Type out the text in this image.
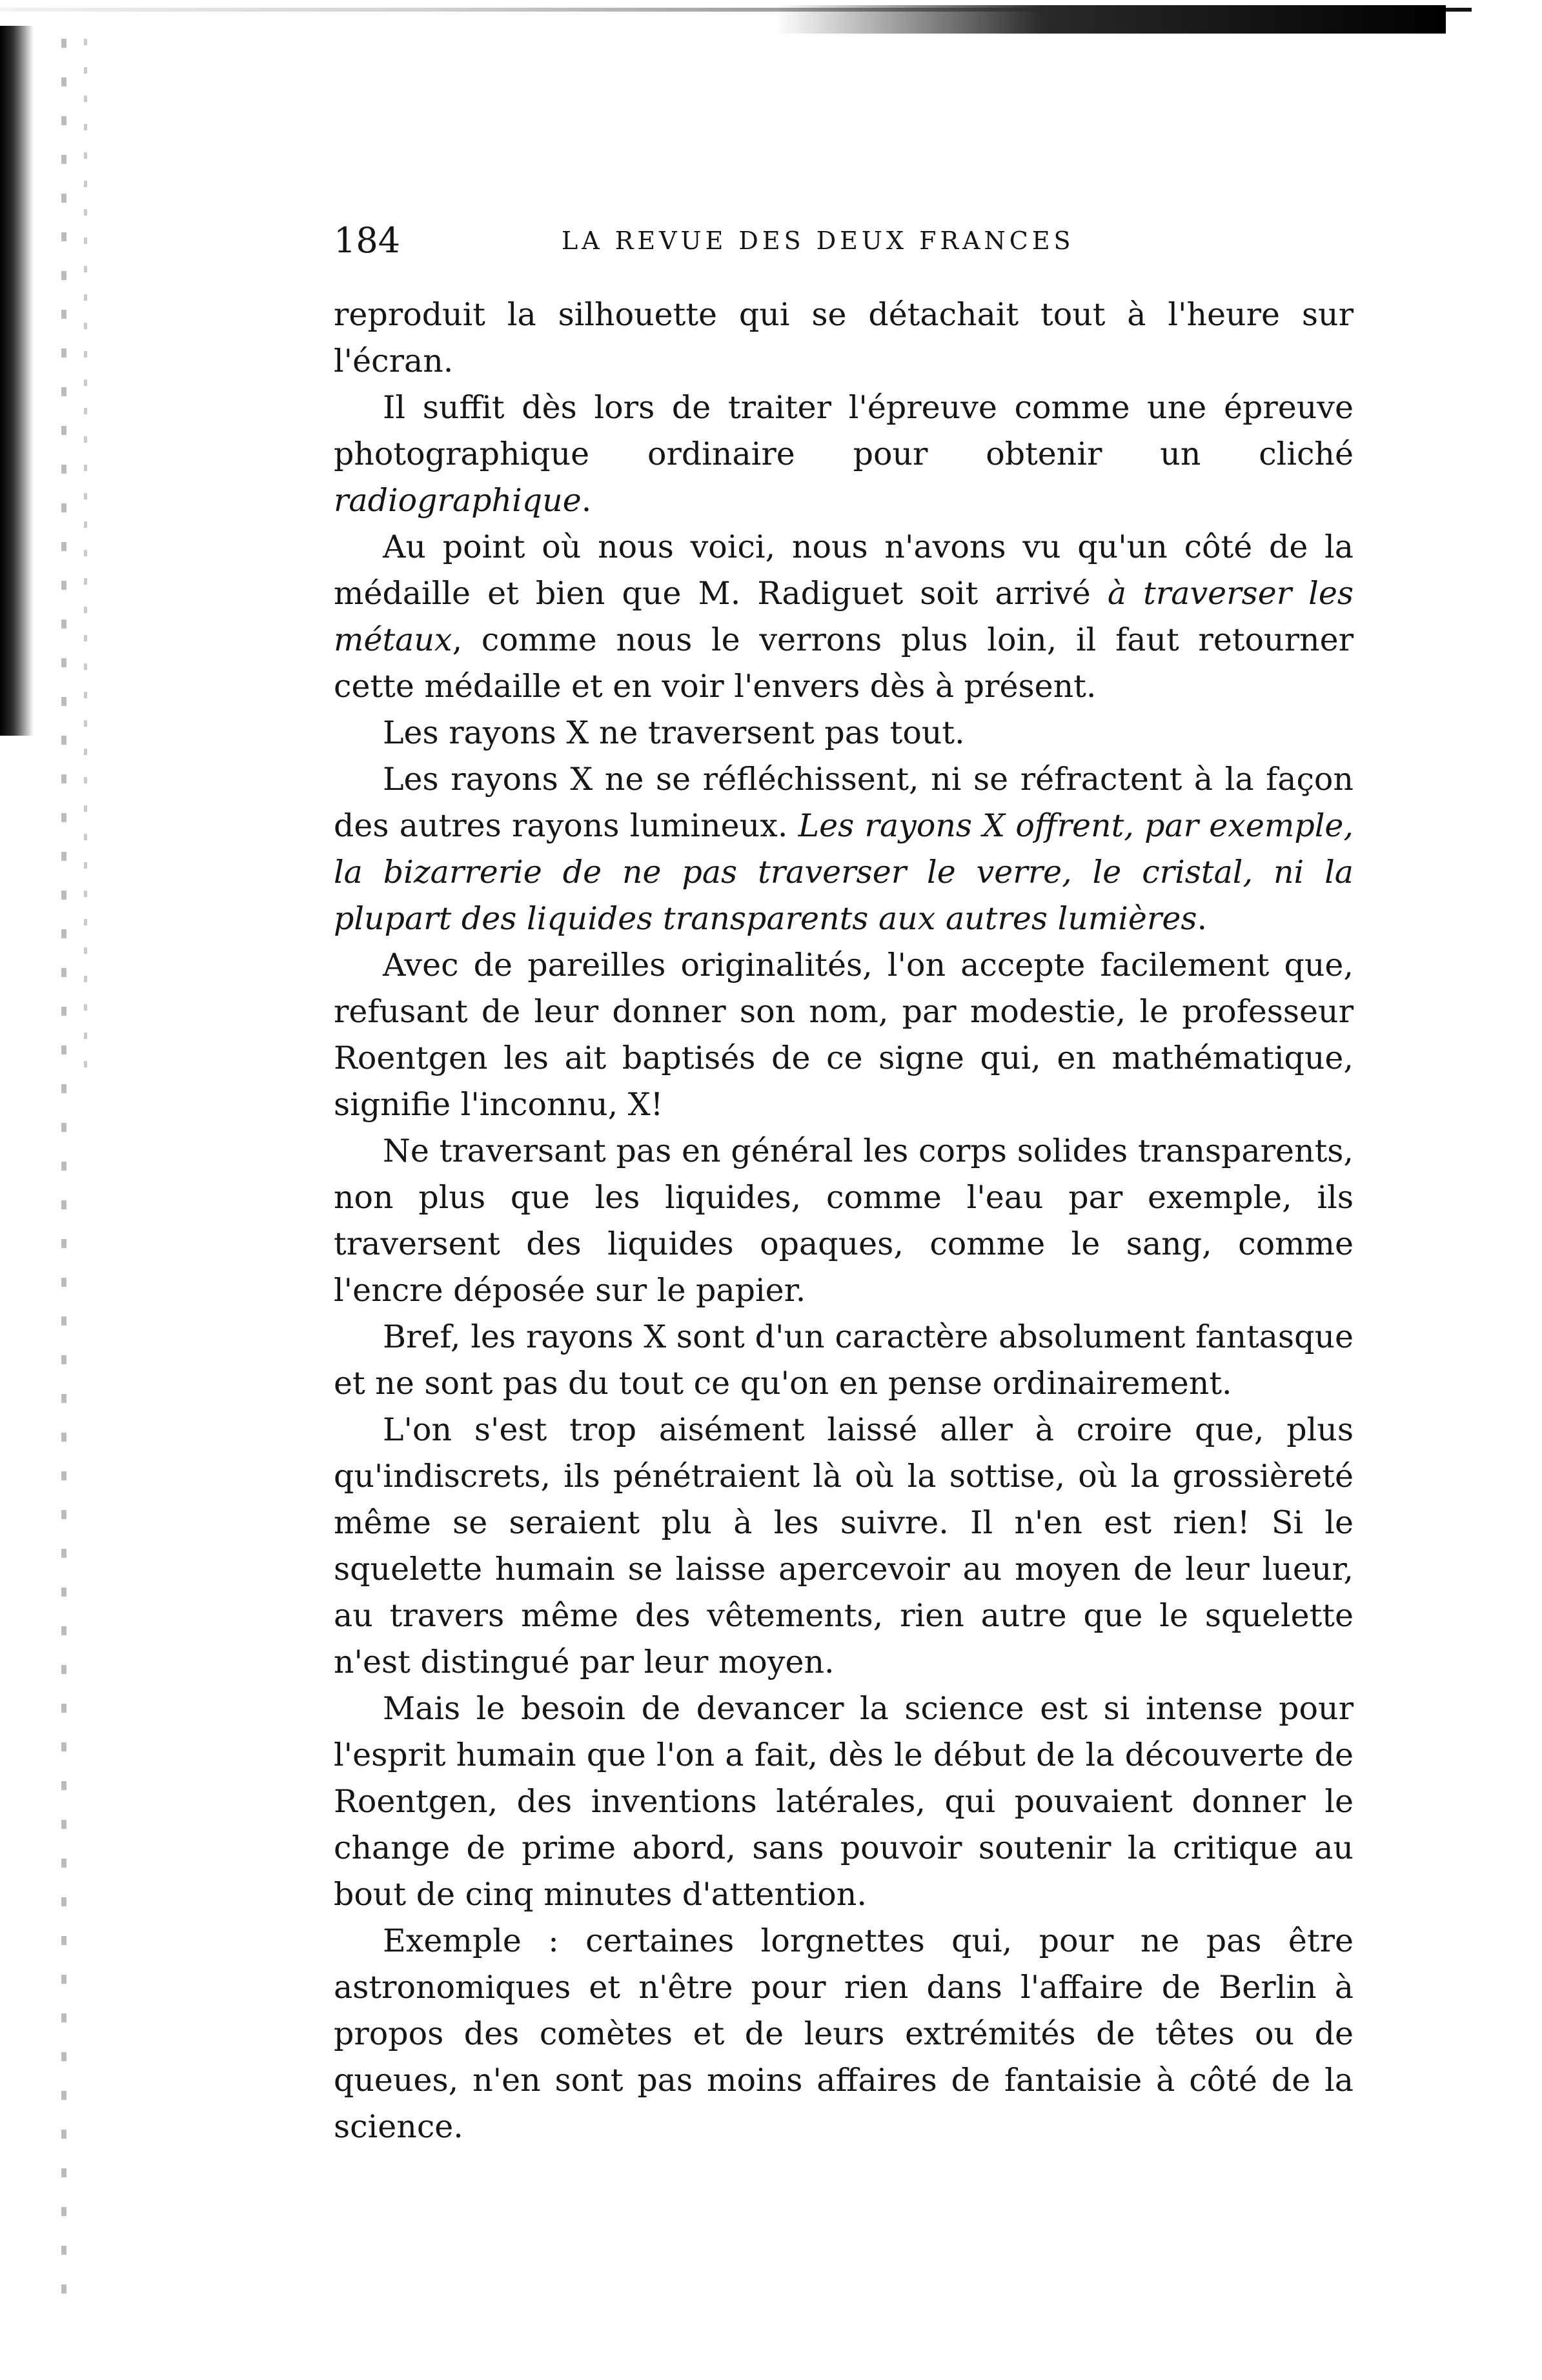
184	LA REVUE DES DEUX FRANCES

reproduit la silhouette qui se détachait tout à l'heure sur l'écran.

Il suffit dès lors de traiter l'épreuve comme une épreuve photographique ordinaire pour obtenir un cliché radiographique.

Au point où nous voici, nous n'avons vu qu'un côté de la médaille et bien que M. Radiguet soit arrivé à traverser les métaux, comme nous le verrons plus loin, il faut retourner cette médaille et en voir l'envers dès à présent.

Les rayons X ne traversent pas tout.

Les rayons X ne se réfléchissent, ni se réfractent à la façon des autres rayons lumineux. Les rayons X offrent, par exemple, la bizarrerie de ne pas traverser le verre, le cristal, ni la plupart des liquides transparents aux autres lumières.

Avec de pareilles originalités, l'on accepte facilement que, refusant de leur donner son nom, par modestie, le professeur Roentgen les ait baptisés de ce signe qui, en mathématique, signifie l'inconnu, X!

Ne traversant pas en général les corps solides transparents, non plus que les liquides, comme l'eau par exemple, ils traversent des liquides opaques, comme le sang, comme l'encre déposée sur le papier.

Bref, les rayons X sont d'un caractère absolument fantasque et ne sont pas du tout ce qu'on en pense ordinairement.

L'on s'est trop aisément laissé aller à croire que, plus qu'indiscrets, ils pénétraient là où la sottise, où la grossièreté même se seraient plu à les suivre. Il n'en est rien! Si le squelette humain se laisse apercevoir au moyen de leur lueur, au travers même des vêtements, rien autre que le squelette n'est distingué par leur moyen.

Mais le besoin de devancer la science est si intense pour l'esprit humain que l'on a fait, dès le début de la découverte de Roentgen, des inventions latérales, qui pouvaient donner le change de prime abord, sans pouvoir soutenir la critique au bout de cinq minutes d'attention.

Exemple : certaines lorgnettes qui, pour ne pas être astronomiques et n'être pour rien dans l'affaire de Berlin à propos des comètes et de leurs extrémités de têtes ou de queues, n'en sont pas moins affaires de fantaisie à côté de la science.
